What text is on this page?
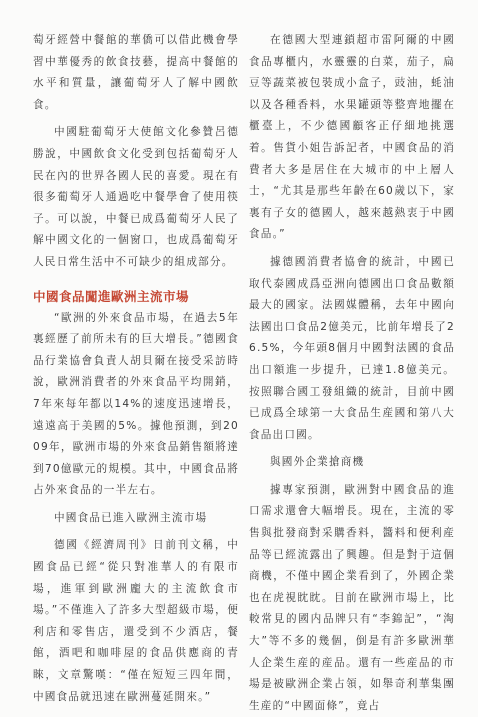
萄牙經營中餐館的華僑可以借此機會學習中華優秀的飲食技藝，提高中餐館的水平和質量，讓葡萄牙人了解中國飲食。

中國駐葡萄牙大使館文化參贊呂德勝說，中國飲食文化受到包括葡萄牙人民在內的世界各國人民的喜愛。現在有很多葡萄牙人通過吃中餐學會了使用筷子。可以說，中餐已成爲葡萄牙人民了解中國文化的一個窗口，也成爲葡萄牙人民日常生活中不可缺少的組成部分。

中國食品闖進歐洲主流市場

“歐洲的外來食品市場，在過去5年裏經歷了前所未有的巨大增長。”德國食品行業協會負責人胡貝爾在接受采訪時說，歐洲消費者的外來食品平均開銷，7年來每年都以14%的速度迅速增長，遠遠高于美國的5%。據他預測，到2009年，歐洲市場的外來食品銷售額將達到70億歐元的規模。其中，中國食品將占外來食品的一半左右。

中國食品已進入歐洲主流市場

德國《經濟周刊》日前刊文稱，中國食品已經“從只對准華人的有限市場，進軍到歐洲龐大的主流飲食市場。”不僅進入了許多大型超級市場，便利店和零售店，還受到不少酒店，餐館，酒吧和咖啡屋的食品供應商的青睞，文章驚嘆：“僅在短短三四年間，中國食品就迅速在歐洲蔓延開來。”

在德國大型連鎖超市雷阿爾的中國食品專櫃内，水靈靈的白菜，茄子，扁豆等蔬菜被包裝成小盒子，豉油，蚝油以及各種香料，水果罐頭等整齊地擺在櫃臺上，不少德國顧客正仔細地挑選着。售貨小姐告訴記者，中國食品的消費者大多是居住在大城市的中上層人士，“尤其是那些年齡在60歲以下，家裏有子女的德國人，越來越熱衷于中國食品。”

據德國消費者協會的統計，中國已取代泰國成爲亞洲向德國出口食品數額最大的國家。法國媒體稱，去年中國向法國出口食品2億美元，比前年增長了26.5%，今年頭8個月中國對法國的食品出口額進一步提升，已達1.8億美元。按照聯合國工發組織的統計，目前中國已成爲全球第一大食品生産國和第八大食品出口國。

與國外企業搶商機

據專家預測，歐洲對中國食品的進口需求還會大幅增長。現在，主流的零售與批發商對采購香料，醬料和便利産品等已經流露出了興趣。但是對于這個商機，不僅中國企業看到了，外國企業也在虎視眈眈。目前在歐洲市場上，比較常見的國内品牌只有“李錦記”，“淘大”等不多的幾個，倒是有許多歐洲華人企業生産的産品。還有一些産品的市場是被歐洲企業占領，如舉奇利華集團生産的“中國面條”，竟占
